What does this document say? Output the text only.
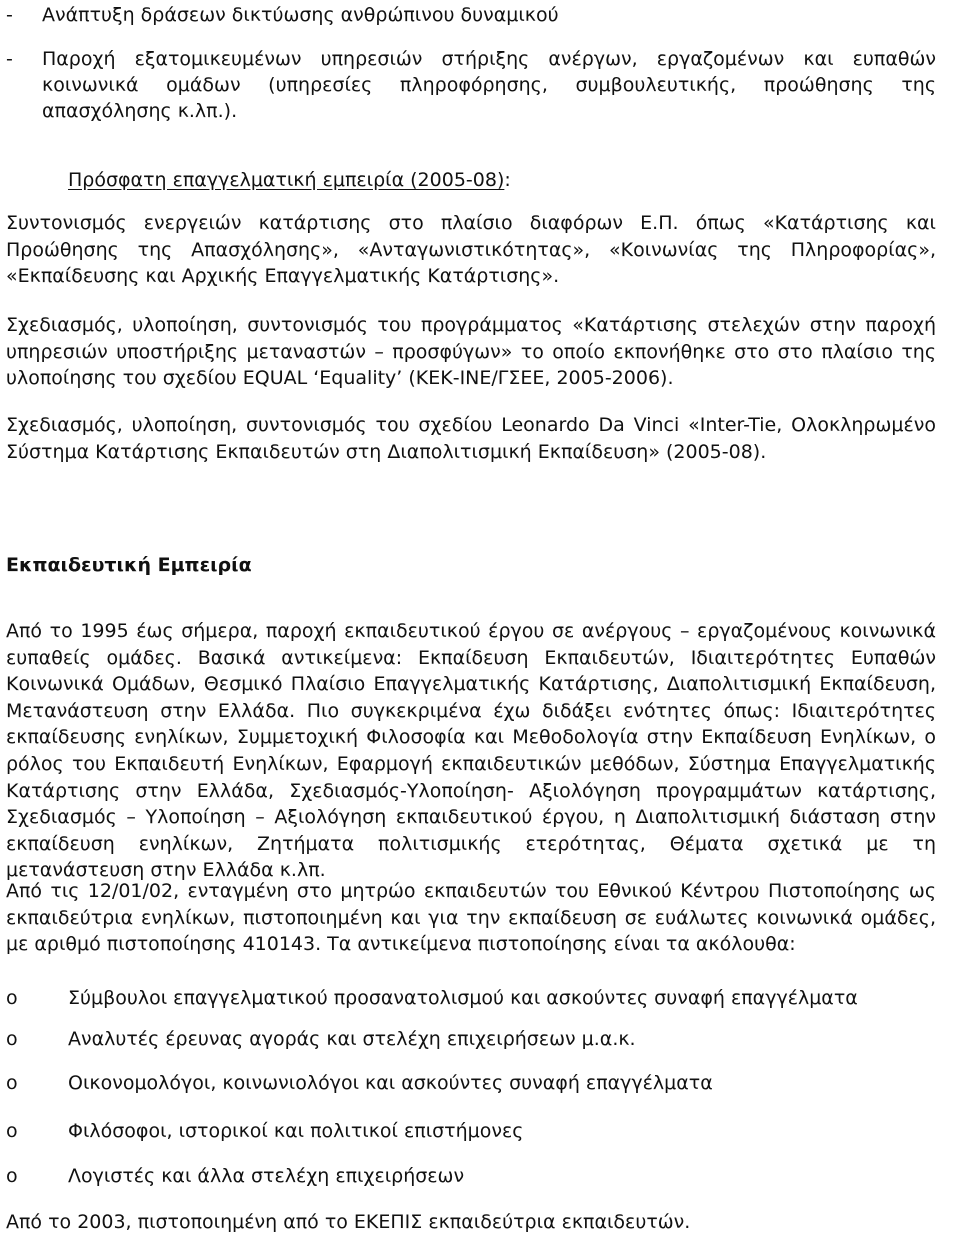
- Ανάπτυξη δράσεων δικτύωσης ανθρώπινου δυναμικού
- Παροχή εξατομικευμένων υπηρεσιών στήριξης ανέργων, εργαζομένων και ευπαθών κοινωνικά ομάδων (υπηρεσίες πληροφόρησης, συμβουλευτικής, προώθησης της απασχόλησης κ.λπ.).
Πρόσφατη επαγγελματική εμπειρία (2005-08):
Συντονισμός ενεργειών κατάρτισης στο πλαίσιο διαφόρων Ε.Π. όπως «Κατάρτισης και Προώθησης της Απασχόλησης», «Ανταγωνιστικότητας», «Κοινωνίας της Πληροφορίας», «Εκπαίδευσης και Αρχικής Επαγγελματικής Κατάρτισης».
Σχεδιασμός, υλοποίηση, συντονισμός του προγράμματος «Κατάρτισης στελεχών στην παροχή υπηρεσιών υποστήριξης μεταναστών – προσφύγων» το οποίο εκπονήθηκε στο στο πλαίσιο της υλοποίησης του σχεδίου EQUAL ‘Equality’ (ΚΕΚ-ΙΝΕ/ΓΣΕΕ, 2005-2006).
Σχεδιασμός, υλοποίηση, συντονισμός του σχεδίου Leonardo Da Vinci «Inter-Tie, Ολοκληρωμένο Σύστημα Κατάρτισης Εκπαιδευτών στη Διαπολιτισμική Εκπαίδευση» (2005-08).
Εκπαιδευτική Εμπειρία
Από το 1995 έως σήμερα, παροχή εκπαιδευτικού έργου σε ανέργους – εργαζομένους κοινωνικά ευπαθείς ομάδες. Βασικά αντικείμενα: Εκπαίδευση Εκπαιδευτών, Ιδιαιτερότητες Ευπαθών Κοινωνικά Ομάδων, Θεσμικό Πλαίσιο Επαγγελματικής Κατάρτισης, Διαπολιτισμική Εκπαίδευση, Μετανάστευση στην Ελλάδα. Πιο συγκεκριμένα έχω διδάξει ενότητες όπως: Ιδιαιτερότητες εκπαίδευσης ενηλίκων, Συμμετοχική Φιλοσοφία και Μεθοδολογία στην Εκπαίδευση Ενηλίκων, ο ρόλος του Εκπαιδευτή Ενηλίκων, Εφαρμογή εκπαιδευτικών μεθόδων, Σύστημα Επαγγελματικής Κατάρτισης στην Ελλάδα, Σχεδιασμός-Υλοποίηση- Αξιολόγηση προγραμμάτων κατάρτισης, Σχεδιασμός – Υλοποίηση – Αξιολόγηση εκπαιδευτικού έργου, η Διαπολιτισμική διάσταση στην εκπαίδευση ενηλίκων, Ζητήματα πολιτισμικής ετερότητας, Θέματα σχετικά με τη μετανάστευση στην Ελλάδα κ.λπ.
Από τις 12/01/02, ενταγμένη στο μητρώο εκπαιδευτών του Εθνικού Κέντρου Πιστοποίησης ως εκπαιδεύτρια ενηλίκων, πιστοποιημένη και για την εκπαίδευση σε ευάλωτες κοινωνικά ομάδες, με αριθμό πιστοποίησης 410143. Τα αντικείμενα πιστοποίησης είναι τα ακόλουθα:
o	Σύμβουλοι επαγγελματικού προσανατολισμού και ασκούντες συναφή επαγγέλματα
o	Αναλυτές έρευνας αγοράς και στελέχη επιχειρήσεων μ.α.κ.
o	Οικονομολόγοι, κοινωνιολόγοι και ασκούντες συναφή επαγγέλματα
o	Φιλόσοφοι, ιστορικοί και πολιτικοί επιστήμονες
o	Λογιστές και άλλα στελέχη επιχειρήσεων
Από το 2003, πιστοποιημένη από το ΕΚΕΠΙΣ εκπαιδεύτρια εκπαιδευτών.
